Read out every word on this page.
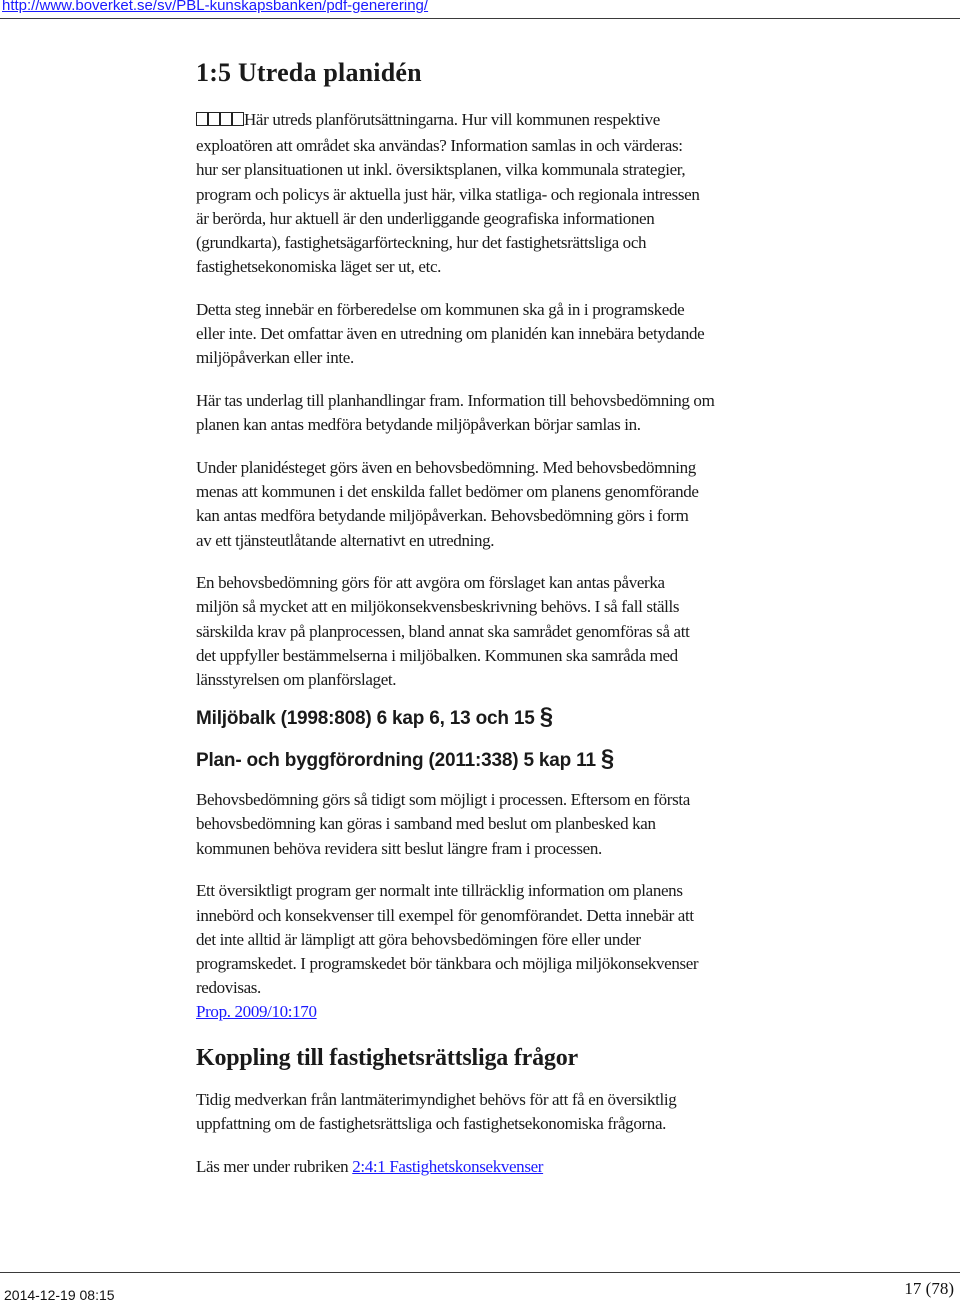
http://www.boverket.se/sv/PBL-kunskapsbanken/pdf-generering/
1:5 Utreda planidén

Här utreds planförutsättningarna. Hur vill kommunen respektive
exploatören att området ska användas? Information samlas in och värderas:
hur ser plansituationen ut inkl. översiktsplanen, vilka kommunala strategier,
program och policys är aktuella just här, vilka statliga- och regionala intressen
är berörda, hur aktuell är den underliggande geografiska informationen
(grundkarta), fastighetsägarförteckning, hur det fastighetsrättsliga och
fastighetsekonomiska läget ser ut, etc.

Detta steg innebär en förberedelse om kommunen ska gå in i programskede
eller inte. Det omfattar även en utredning om planidén kan innebära betydande
miljöpåverkan eller inte.

Här tas underlag till planhandlingar fram. Information till behovsbedömning om
planen kan antas medföra betydande miljöpåverkan börjar samlas in.

Under planidésteget görs även en behovsbedömning. Med behovsbedömning
menas att kommunen i det enskilda fallet bedömer om planens genomförande
kan antas medföra betydande miljöpåverkan. Behovsbedömning görs i form
av ett tjänsteutlåtande alternativt en utredning.

En behovsbedömning görs för att avgöra om förslaget kan antas påverka
miljön så mycket att en miljökonsekvensbeskrivning behövs. I så fall ställs
särskilda krav på planprocessen, bland annat ska samrådet genomföras så att
det uppfyller bestämmelserna i miljöbalken. Kommunen ska samråda med
länsstyrelsen om planförslaget.

Miljöbalk (1998:808) 6 kap 6, 13 och 15 §
Plan- och byggförordning (2011:338) 5 kap 11 §

Behovsbedömning görs så tidigt som möjligt i processen. Eftersom en första
behovsbedömning kan göras i samband med beslut om planbesked kan
kommunen behöva revidera sitt beslut längre fram i processen.

Ett översiktligt program ger normalt inte tillräcklig information om planens
innebörd och konsekvenser till exempel för genomförandet. Detta innebär att
det inte alltid är lämpligt att göra behovsbedömingen före eller under
programskedet. I programskedet bör tänkbara och möjliga miljökonsekvenser
redovisas.
Prop. 2009/10:170

Koppling till fastighetsrättsliga frågor

Tidig medverkan från lantmäterimyndighet behövs för att få en översiktlig
uppfattning om de fastighetsrättsliga och fastighetsekonomiska frågorna.

Läs mer under rubriken 2:4:1 Fastighetskonsekvenser

2014-12-19 08:15	17 (78)
